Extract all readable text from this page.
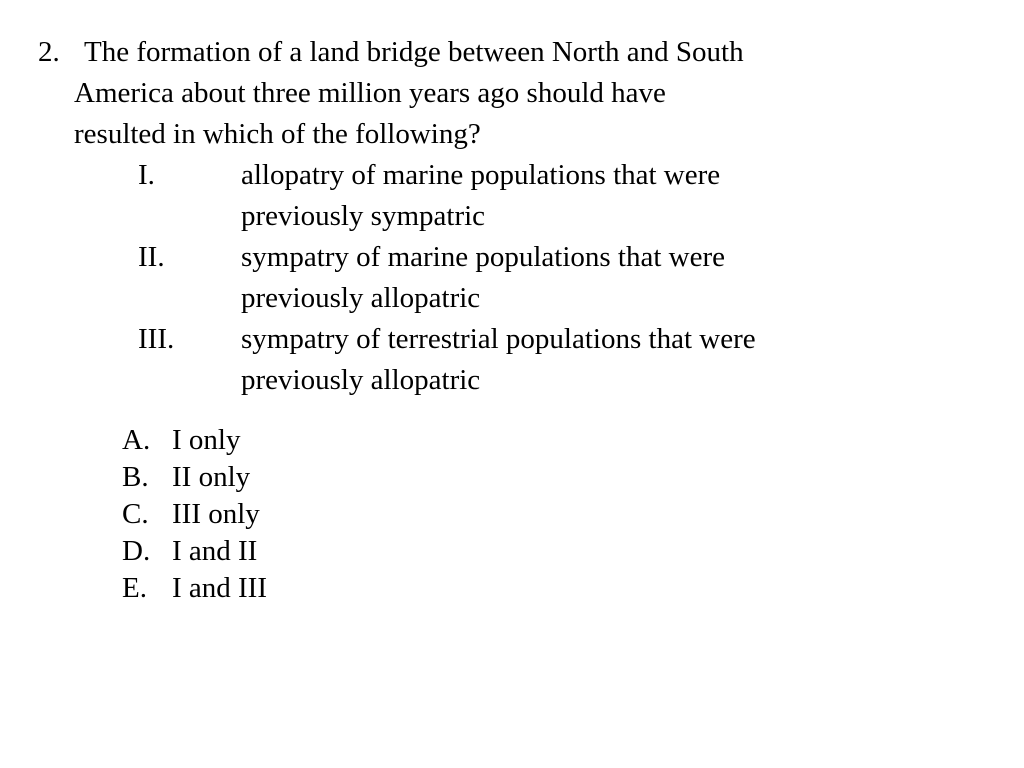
2. The formation of a land bridge between North and South
America about three million years ago should have
resulted in which of the following?
I.	allopatry of marine populations that were
previously sympatric
II.	sympatry of marine populations that were
previously allopatric
III.	sympatry of terrestrial populations that were
previously allopatric
A. I only
B. II only
C. III only
D. I and II
E. I and III
